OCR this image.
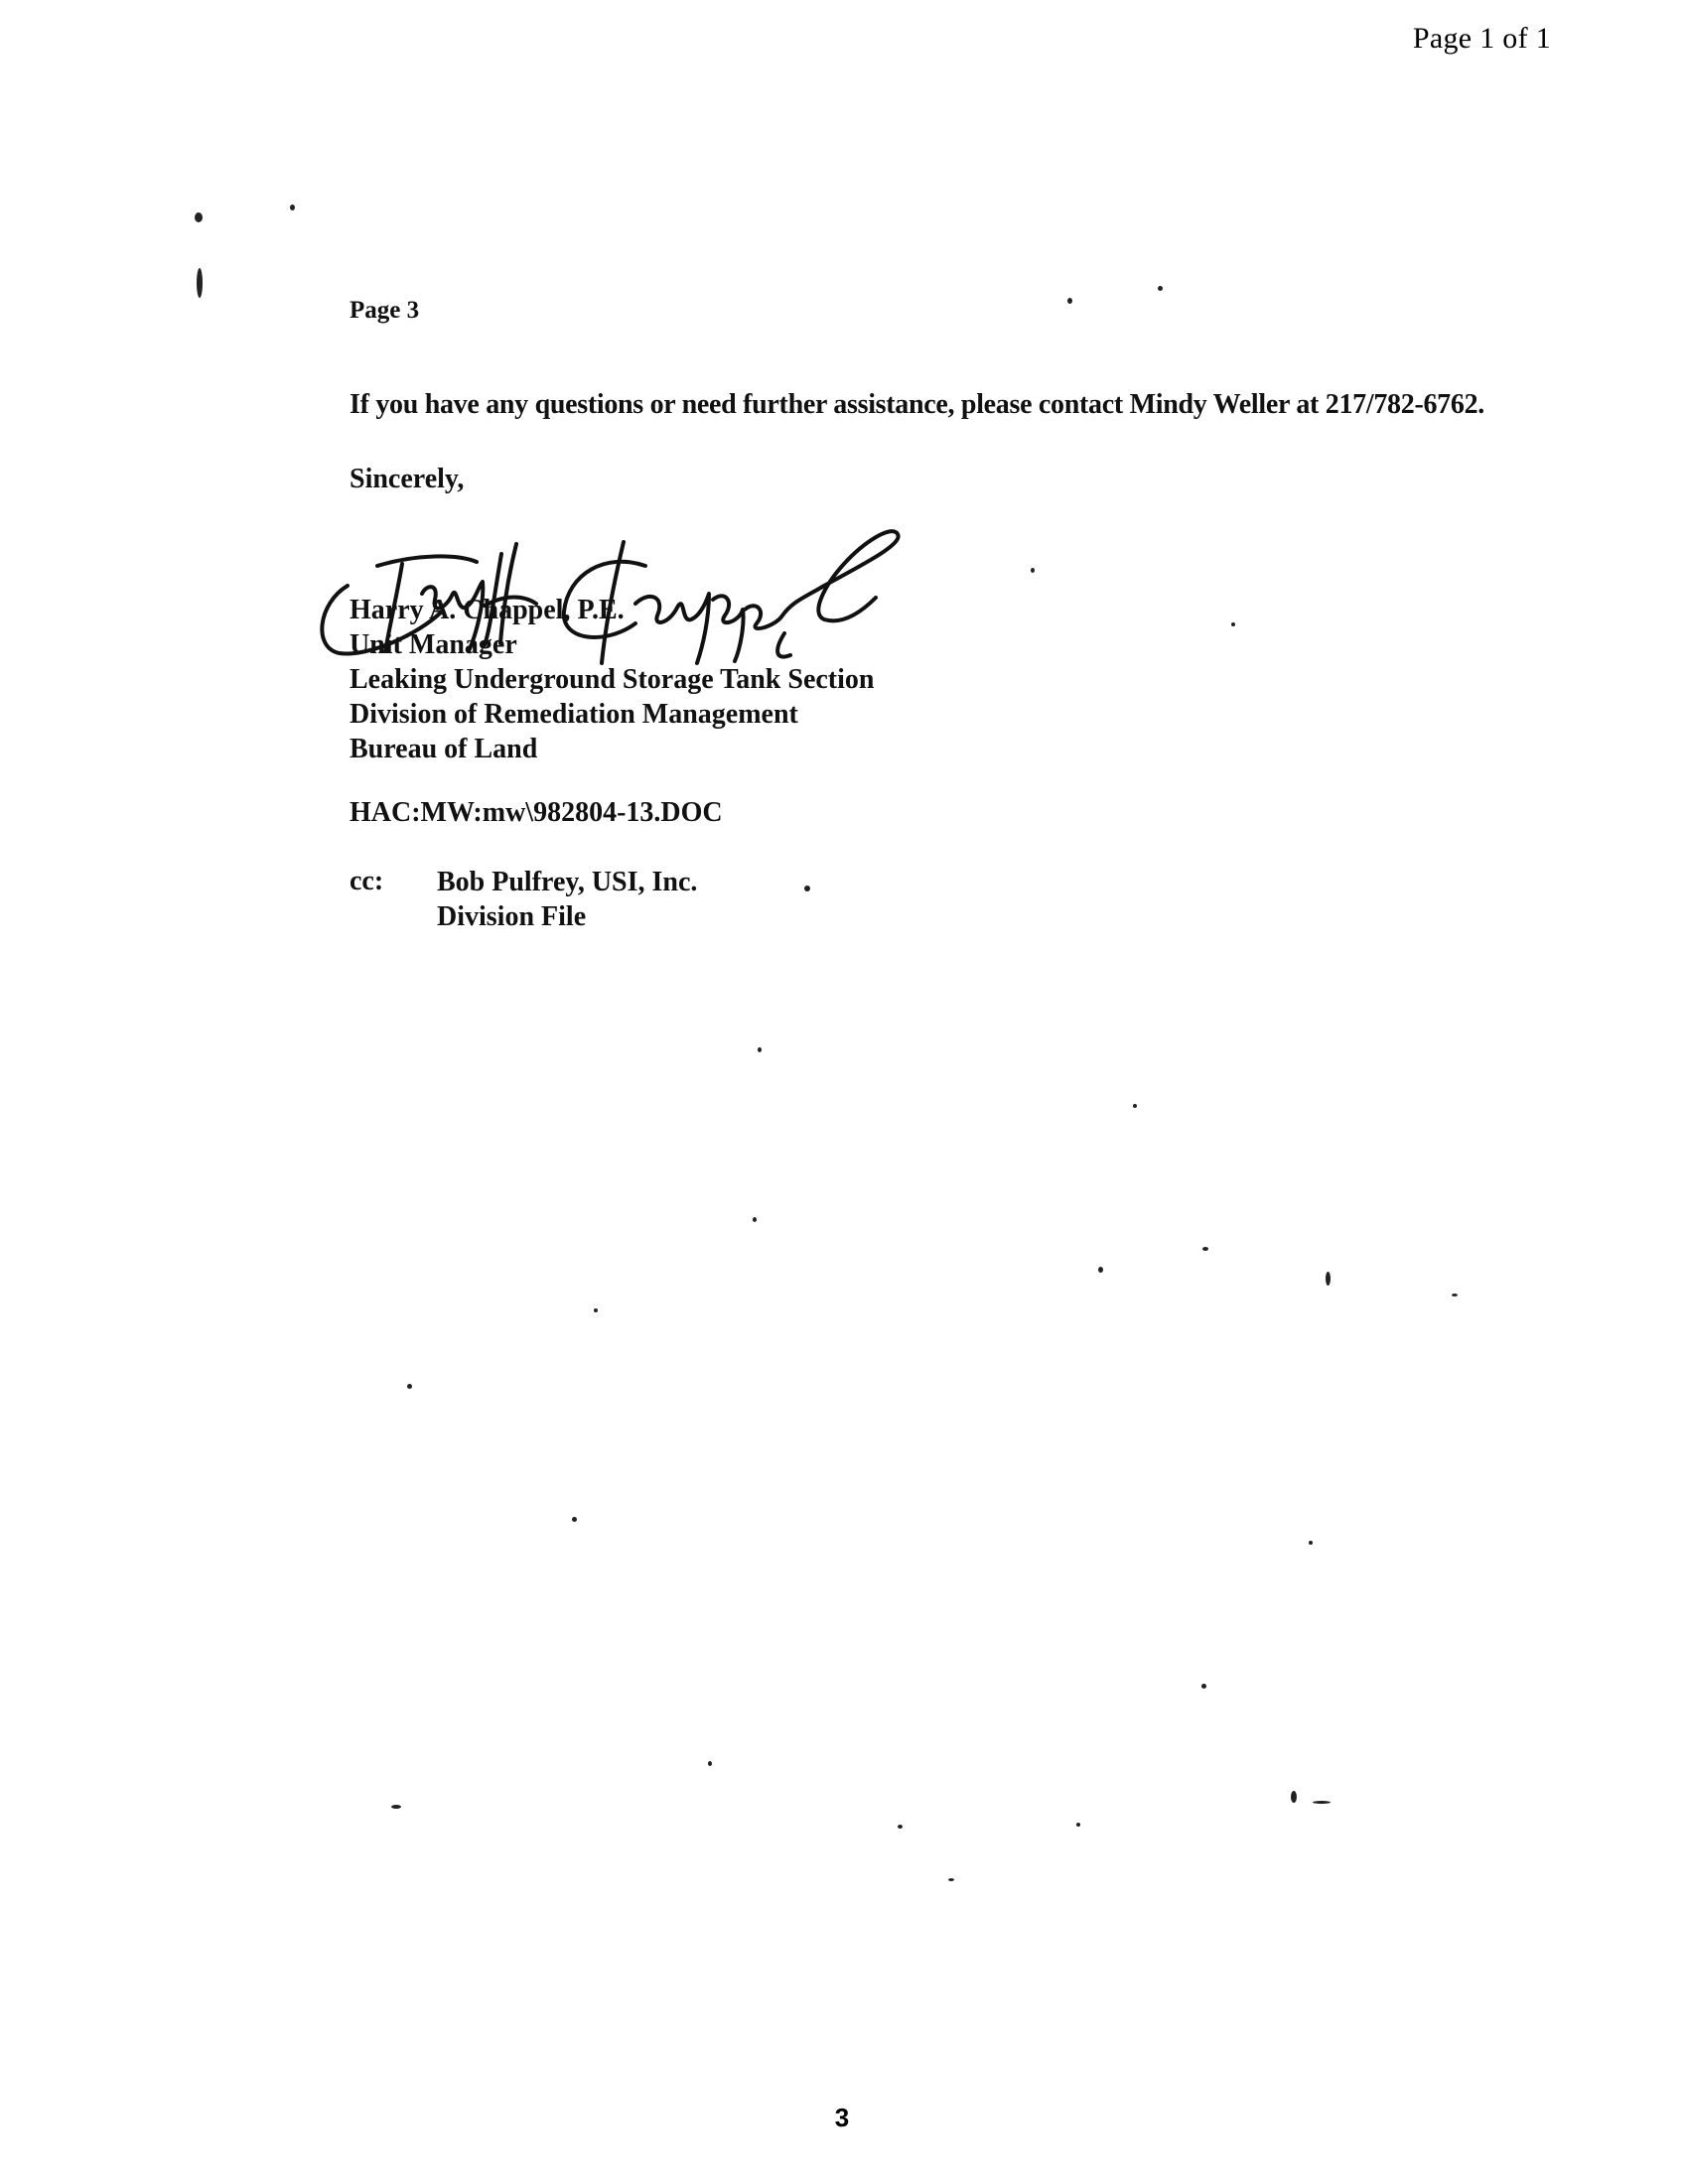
Page 1 of 1

Page 3

If you have any questions or need further assistance, please contact Mindy Weller at 217/782-6762.

Sincerely,

Harry A. Chappel, P.E.
Unit Manager
Leaking Underground Storage Tank Section
Division of Remediation Management
Bureau of Land

HAC:MW:mw\982804-13.DOC

cc:	Bob Pulfrey, USI, Inc.
Division File
3
